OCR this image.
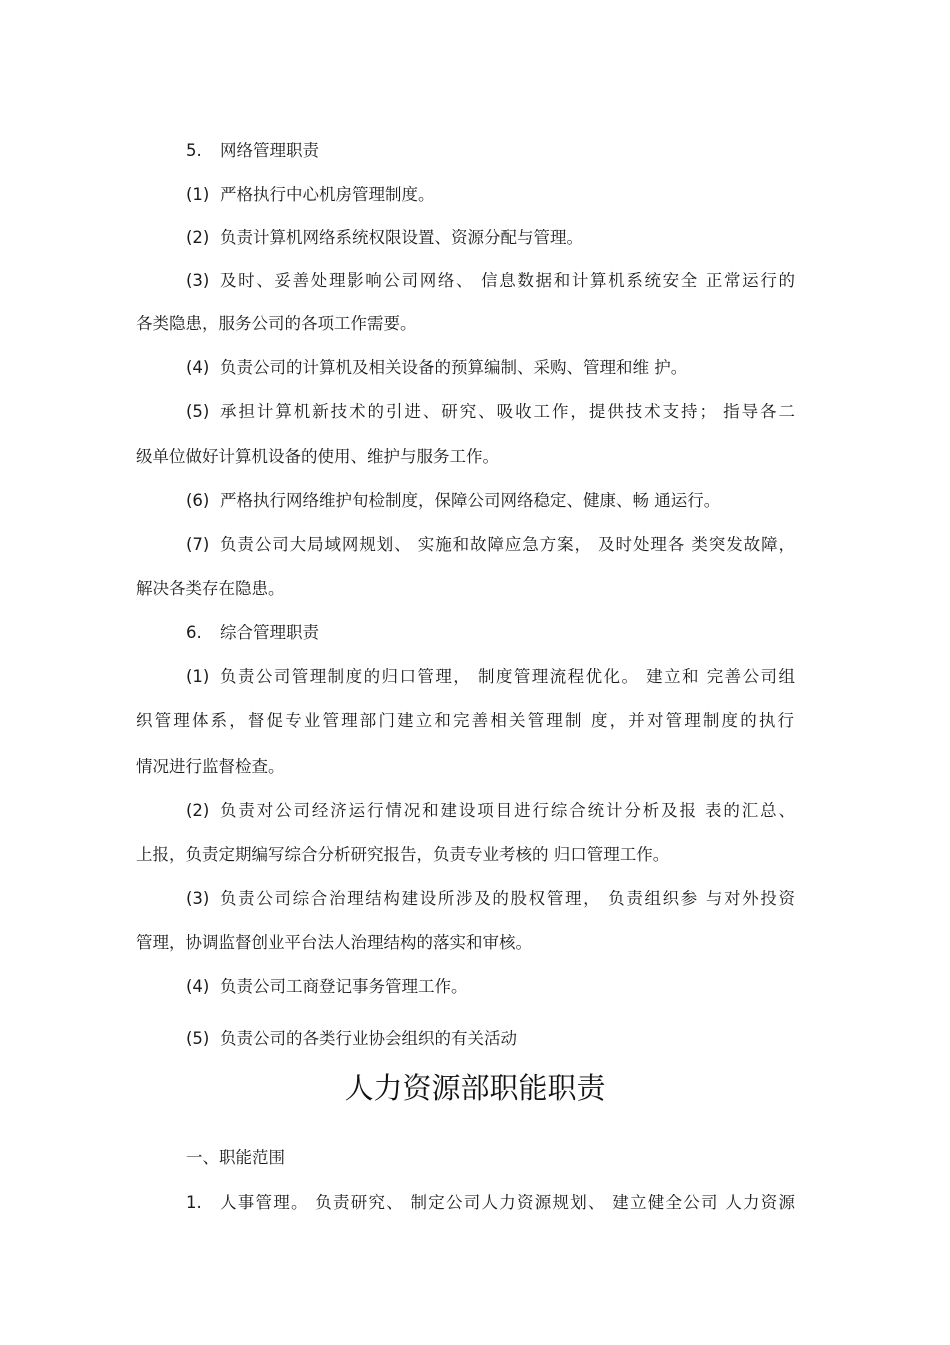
5.	网络管理职责
(1) 严格执行中心机房管理制度。
(2) 负责计算机网络系统权限设置、资源分配与管理。
(3) 及时、妥善处理影响公司网络、 信息数据和计算机系统安全 正常运行的
各类隐患，服务公司的各项工作需要。
(4) 负责公司的计算机及相关设备的预算编制、采购、管理和维 护。
(5) 承担计算机新技术的引进、研究、吸收工作，提供技术支持； 指导各二
级单位做好计算机设备的使用、维护与服务工作。
(6) 严格执行网络维护旬检制度，保障公司网络稳定、健康、畅 通运行。
(7) 负责公司大局域网规划、 实施和故障应急方案， 及时处理各 类突发故障，
解决各类存在隐患。
6.	综合管理职责
(1) 负责公司管理制度的归口管理， 制度管理流程优化。 建立和 完善公司组
织管理体系，督促专业管理部门建立和完善相关管理制 度，并对管理制度的执行
情况进行监督检查。
(2) 负责对公司经济运行情况和建设项目进行综合统计分析及报 表的汇总、
上报，负责定期编写综合分析研究报告，负责专业考核的 归口管理工作。
(3) 负责公司综合治理结构建设所涉及的股权管理， 负责组织参 与对外投资
管理，协调监督创业平台法人治理结构的落实和审核。
(4) 负责公司工商登记事务管理工作。
(5) 负责公司的各类行业协会组织的有关活动
人力资源部职能职责
一、职能范围
1.	人事管理。 负责研究、 制定公司人力资源规划、 建立健全公司 人力资源
